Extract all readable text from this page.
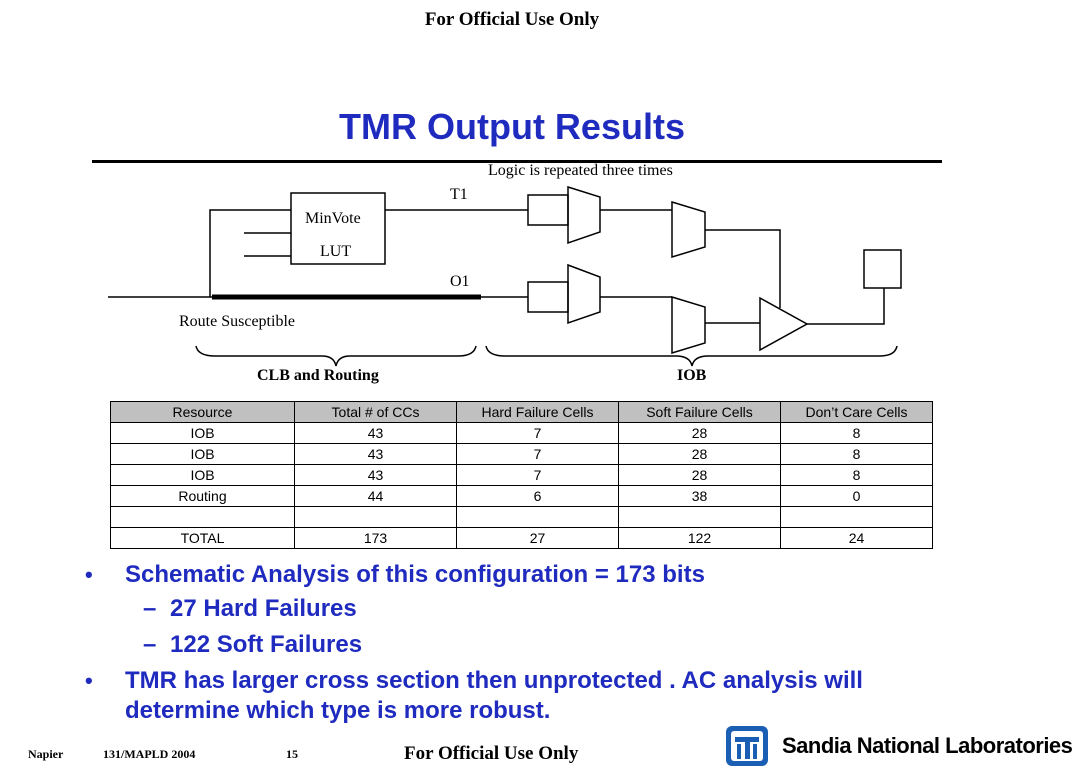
For Official Use Only
TMR Output Results
Logic is repeated three times
T1
O1
MinVote
LUT
Route Susceptible
CLB and Routing	IOB
Resource	Total # of CCs	Hard Failure Cells	Soft Failure Cells	Don’t Care Cells
IOB	43	7	28	8
IOB	43	7	28	8
IOB	43	7	28	8
Routing	44	6	38	0

TOTAL	173	27	122	24
• Schematic Analysis of this configuration = 173 bits
– 27 Hard Failures
– 122 Soft Failures
• TMR has larger cross section then unprotected . AC analysis will determine which type is more robust.
Napier	131/MAPLD 2004	15	For Official Use Only	Sandia National Laboratories
